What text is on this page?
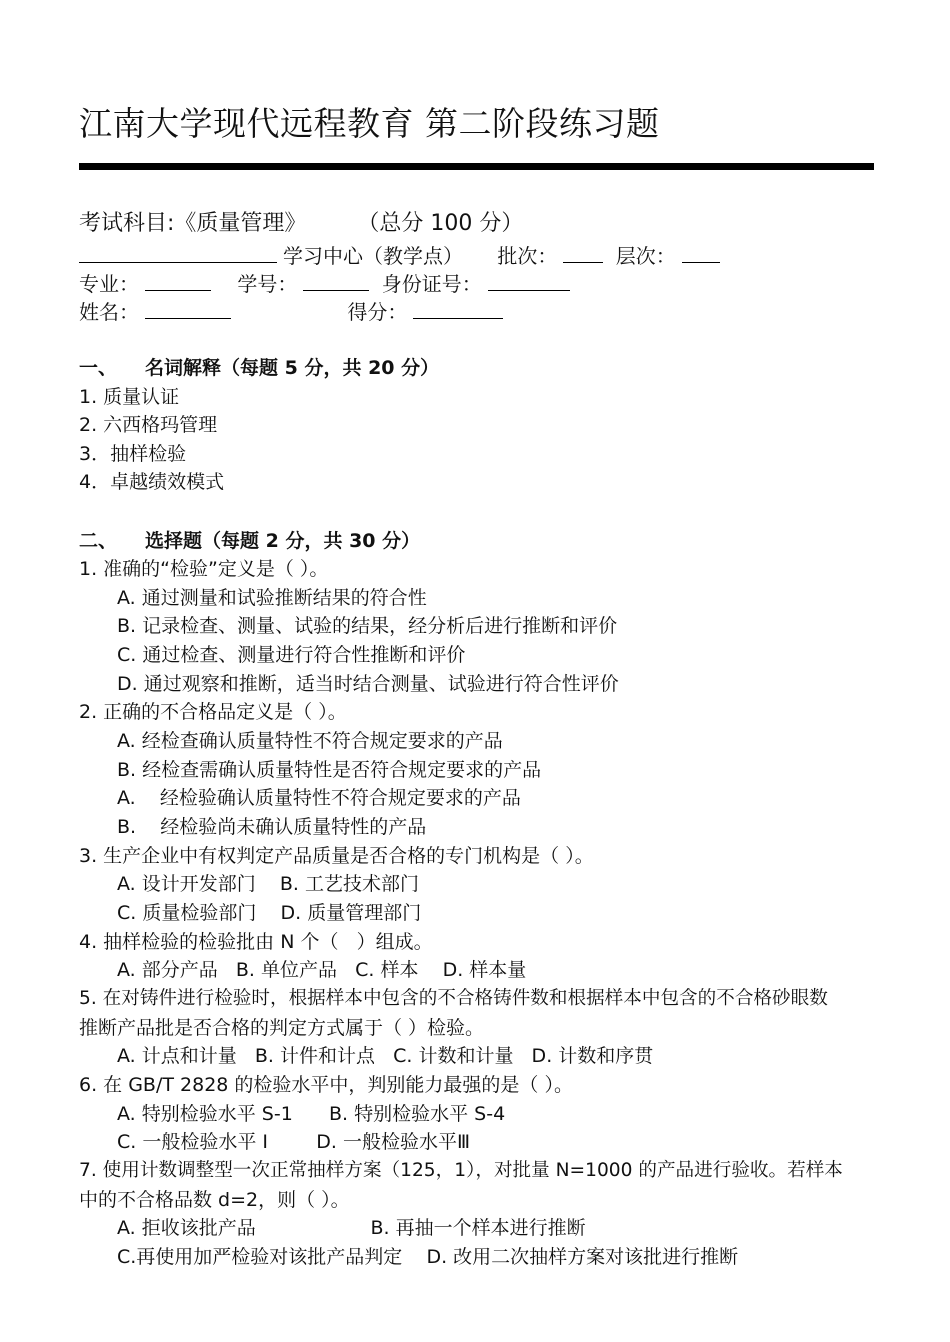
江南大学现代远程教育 第二阶段练习题
考试科目:《质量管理》	（总分 100 分）
学习中心（教学点） 批次：	层次：
专业：	学号：	身份证号：
姓名：	得分：
一、 名词解释（每题 5 分，共 20 分）
1. 质量认证
2. 六西格玛管理
3．抽样检验
4．卓越绩效模式
二、 选择题（每题 2 分，共 30 分）
1. 准确的“检验”定义是（ ）。
A. 通过测量和试验推断结果的符合性
B. 记录检查、测量、试验的结果，经分析后进行推断和评价
C. 通过检查、测量进行符合性推断和评价
D. 通过观察和推断，适当时结合测量、试验进行符合性评价
2. 正确的不合格品定义是（ ）。
A. 经检查确认质量特性不符合规定要求的产品
B. 经检查需确认质量特性是否符合规定要求的产品
A.    经检验确认质量特性不符合规定要求的产品
B.    经检验尚未确认质量特性的产品
3. 生产企业中有权判定产品质量是否合格的专门机构是（ ）。
A. 设计开发部门    B. 工艺技术部门
C. 质量检验部门    D. 质量管理部门
4. 抽样检验的检验批由 N 个（   ）组成。
A. 部分产品   B. 单位产品   C. 样本    D. 样本量
5. 在对铸件进行检验时，根据样本中包含的不合格铸件数和根据样本中包含的不合格砂眼数
推断产品批是否合格的判定方式属于（ ）检验。
A. 计点和计量   B. 计件和计点   C. 计数和计量   D. 计数和序贯
6. 在 GB/T 2828 的检验水平中，判别能力最强的是（ ）。
A. 特别检验水平 S-1      B. 特别检验水平 S-4
C. 一般检验水平 Ⅰ        D. 一般检验水平Ⅲ
7. 使用计数调整型一次正常抽样方案（125，1），对批量 N=1000 的产品进行验收。若样本
中的不合格品数 d=2，则（ ）。
A. 拒收该批产品                   B. 再抽一个样本进行推断
C.再使用加严检验对该批产品判定    D. 改用二次抽样方案对该批进行推断
